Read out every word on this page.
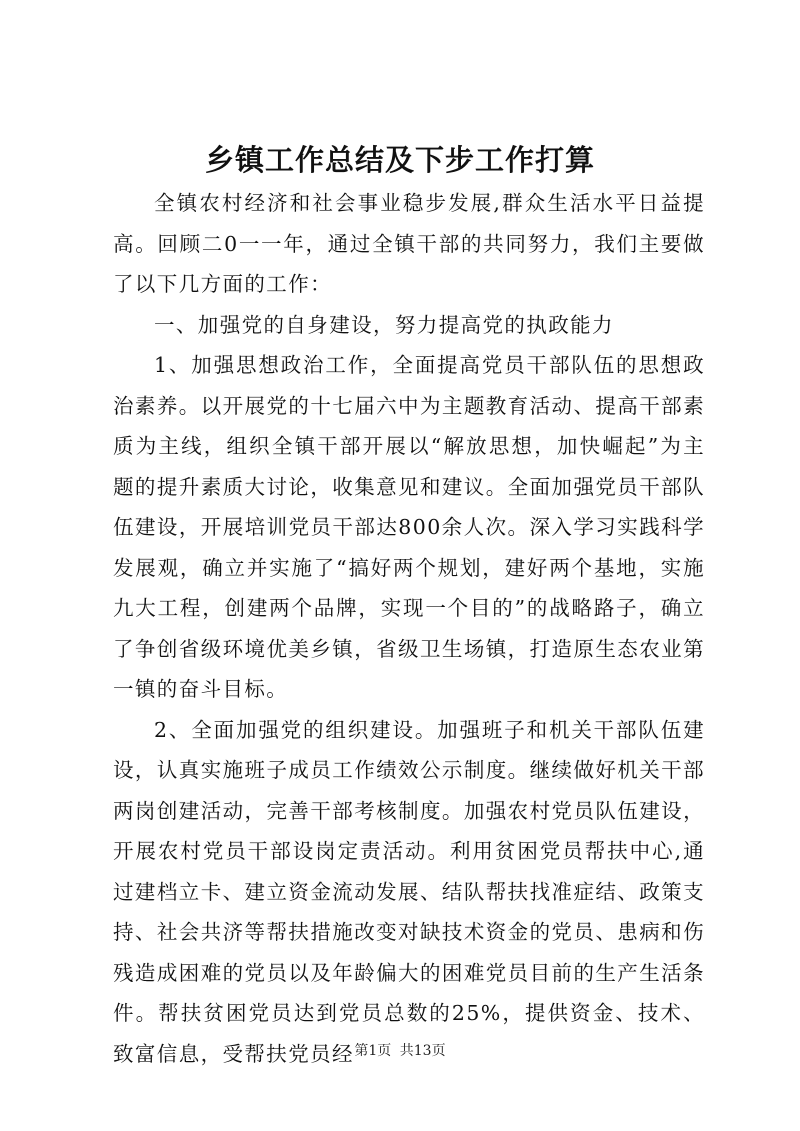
乡镇工作总结及下步工作打算

全镇农村经济和社会事业稳步发展,群众生活水平日益提高。回顾二0一一年，通过全镇干部的共同努力，我们主要做了以下几方面的工作：

一、加强党的自身建设，努力提高党的执政能力

1、加强思想政治工作，全面提高党员干部队伍的思想政治素养。以开展党的十七届六中为主题教育活动、提高干部素质为主线，组织全镇干部开展以“解放思想，加快崛起”为主题的提升素质大讨论，收集意见和建议。全面加强党员干部队伍建设，开展培训党员干部达800余人次。深入学习实践科学发展观，确立并实施了“搞好两个规划，建好两个基地，实施九大工程，创建两个品牌，实现一个目的”的战略路子，确立了争创省级环境优美乡镇，省级卫生场镇，打造原生态农业第一镇的奋斗目标。

2、全面加强党的组织建设。加强班子和机关干部队伍建设，认真实施班子成员工作绩效公示制度。继续做好机关干部两岗创建活动，完善干部考核制度。加强农村党员队伍建设，开展农村党员干部设岗定责活动。利用贫困党员帮扶中心,通过建档立卡、建立资金流动发展、结队帮扶找准症结、政策支持、社会共济等帮扶措施改变对缺技术资金的党员、患病和伤残造成困难的党员以及年龄偏大的困难党员目前的生产生活条件。帮扶贫困党员达到党员总数的25%，提供资金、技术、致富信息，受帮扶党员经 第1页 共13页
